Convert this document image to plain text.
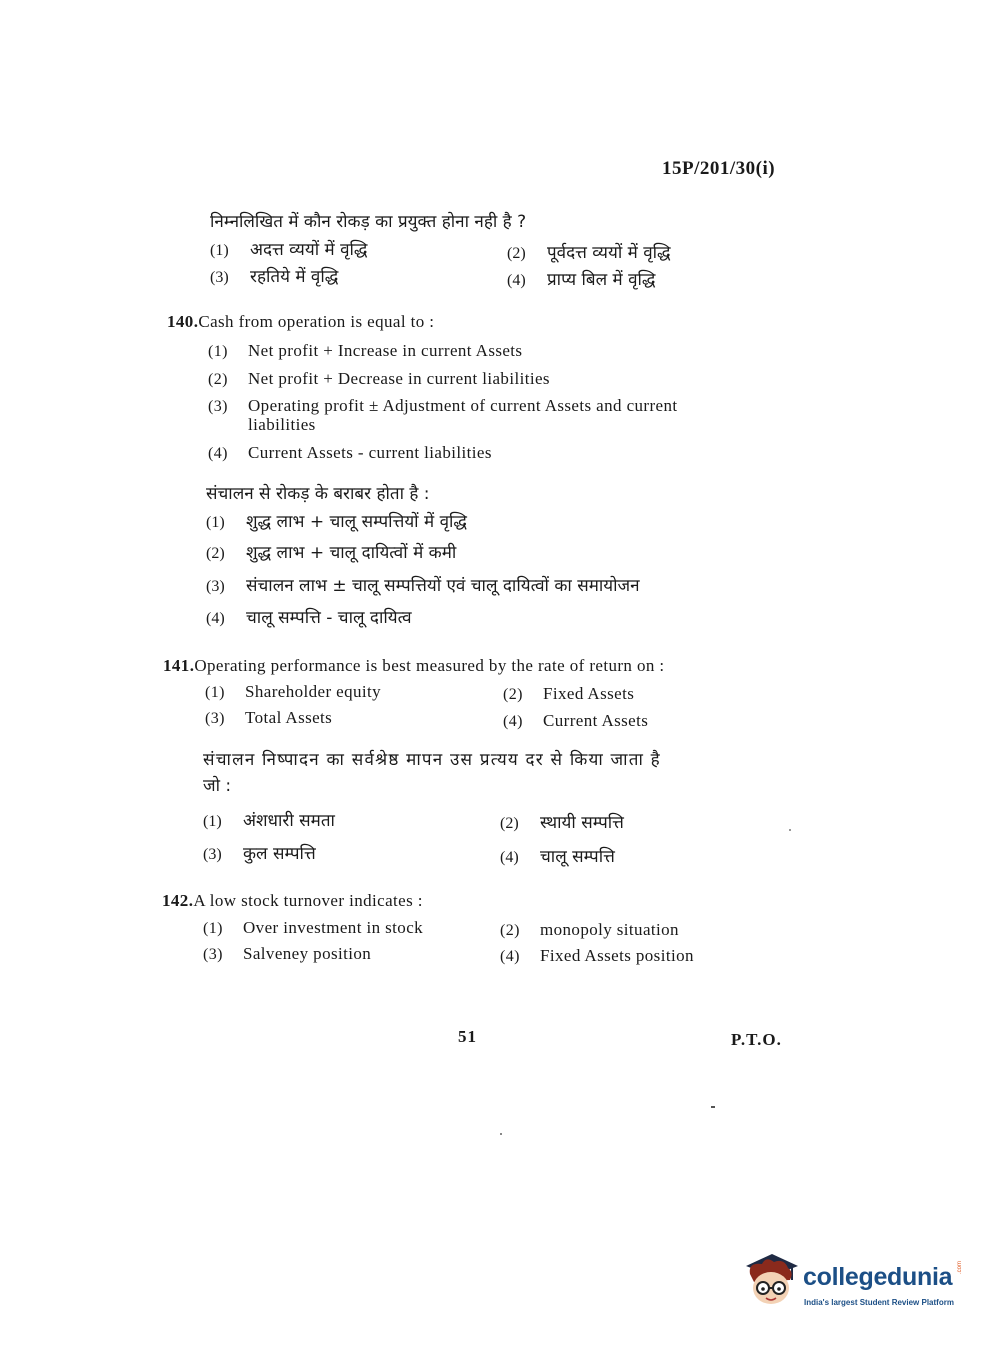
15P/201/30(i)
निम्नलिखित में कौन रोकड़ का प्रयुक्त होना नही है ?
(1) अदत्त व्ययों में वृद्धि	(2) पूर्वदत्त व्ययों में वृद्धि
(3) रहतिये में वृद्धि	(4) प्राप्य बिल में वृद्धि
140.Cash from operation is equal to :
(1) Net profit + Increase in current Assets
(2) Net profit + Decrease in current liabilities
(3) Operating profit ± Adjustment of current Assets and current
liabilities
(4) Current Assets - current liabilities
संचालन से रोकड़ के बराबर होता है :
(1) शुद्ध लाभ + चालू सम्पत्तियों में वृद्धि
(2) शुद्ध लाभ + चालू दायित्वों में कमी
(3) संचालन लाभ ± चालू सम्पत्तियों एवं चालू दायित्वों का समायोजन
(4) चालू सम्पत्ति - चालू दायित्व
141.Operating performance is best measured by the rate of return on :
(1) Shareholder equity	(2) Fixed Assets
(3) Total Assets	(4) Current Assets
संचालन निष्पादन का सर्वश्रेष्ठ मापन उस प्रत्यय दर से किया जाता है
जो :
(1) अंशधारी समता	(2) स्थायी सम्पत्ति
(3) कुल सम्पत्ति	(4) चालू सम्पत्ति
142.A low stock turnover indicates :
(1) Over investment in stock	(2) monopoly situation
(3) Salveney position	(4) Fixed Assets position
51	P.T.O.
collegedunia .com
India's largest Student Review Platform
